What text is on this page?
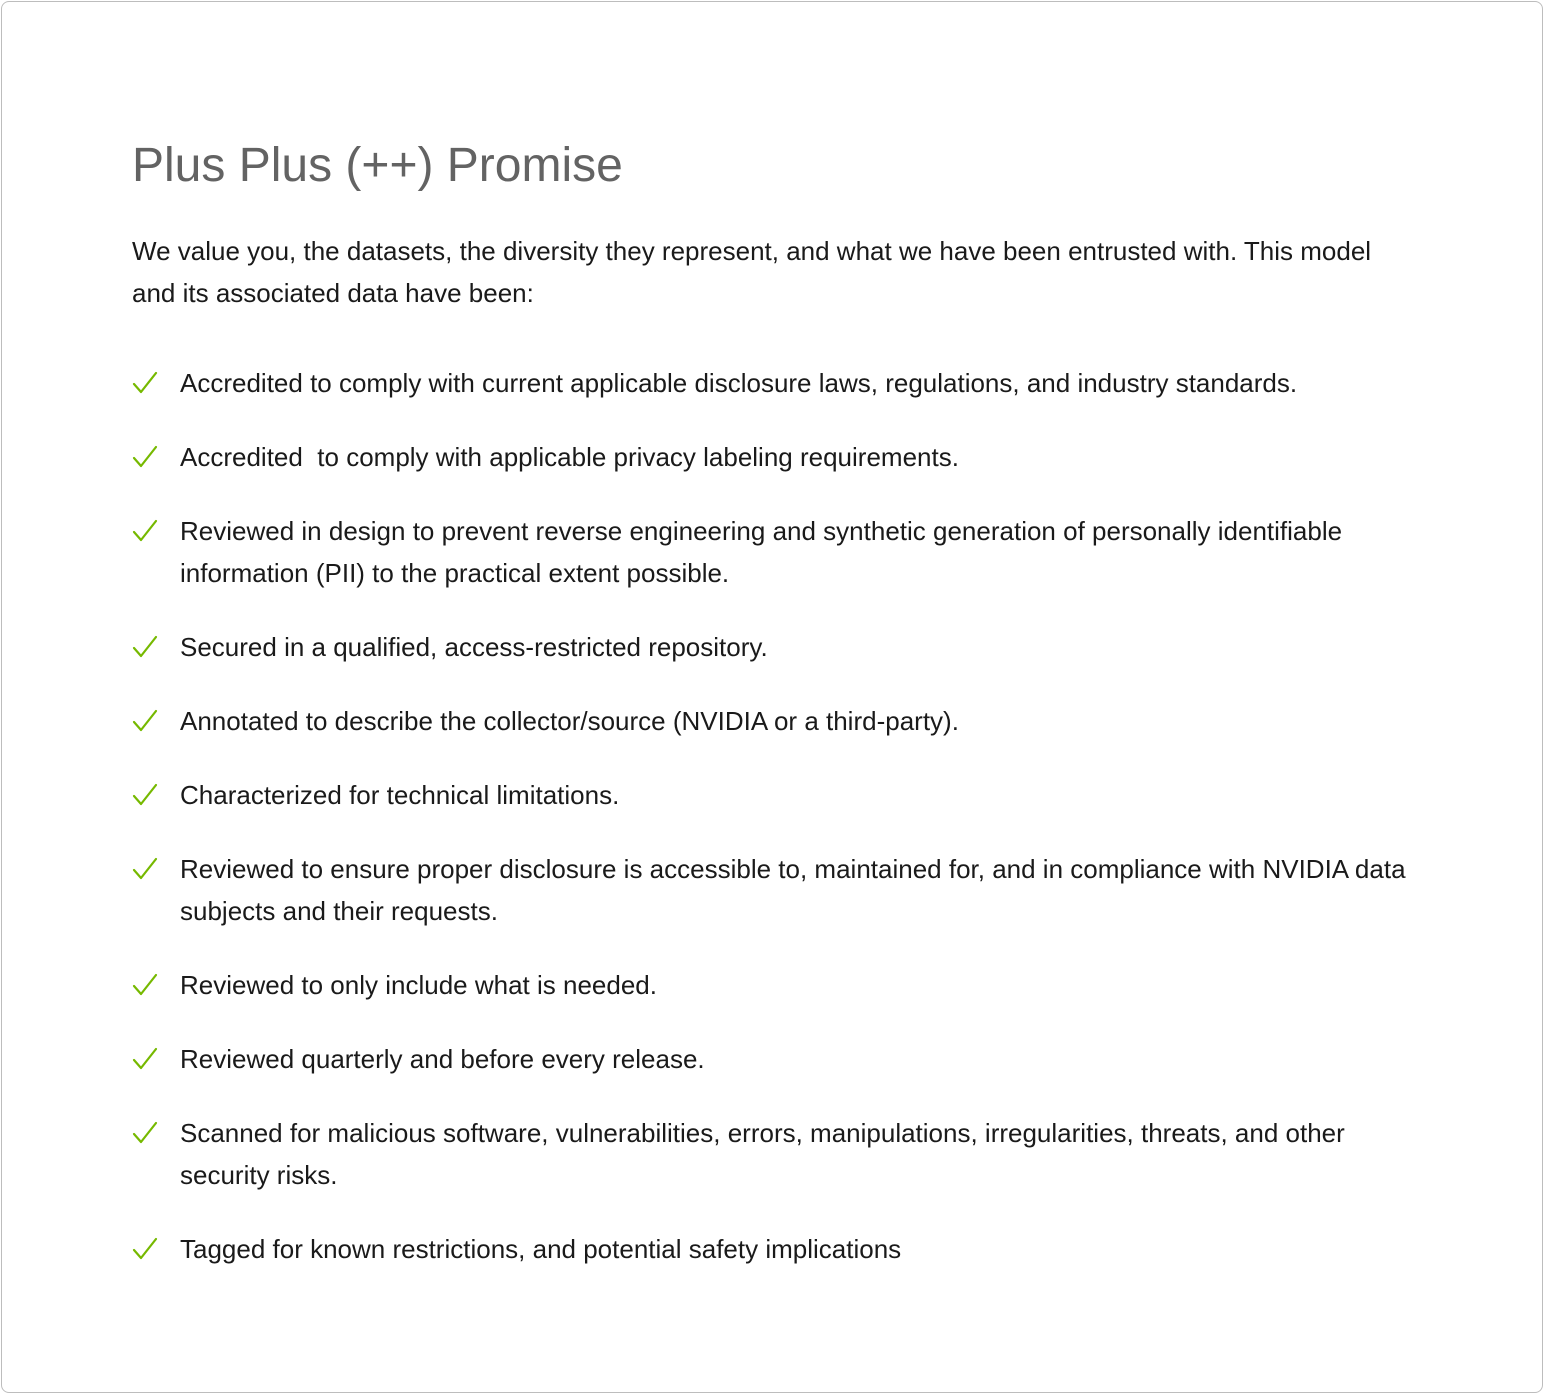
Plus Plus (++) Promise

We value you, the datasets, the diversity they represent, and what we have been entrusted with. This model and its associated data have been:

Accredited to comply with current applicable disclosure laws, regulations, and industry standards.
Accredited  to comply with applicable privacy labeling requirements.
Reviewed in design to prevent reverse engineering and synthetic generation of personally identifiable information (PII) to the practical extent possible.
Secured in a qualified, access-restricted repository.
Annotated to describe the collector/source (NVIDIA or a third-party).
Characterized for technical limitations.
Reviewed to ensure proper disclosure is accessible to, maintained for, and in compliance with NVIDIA data subjects and their requests.
Reviewed to only include what is needed.
Reviewed quarterly and before every release.
Scanned for malicious software, vulnerabilities, errors, manipulations, irregularities, threats, and other security risks.
Tagged for known restrictions, and potential safety implications
